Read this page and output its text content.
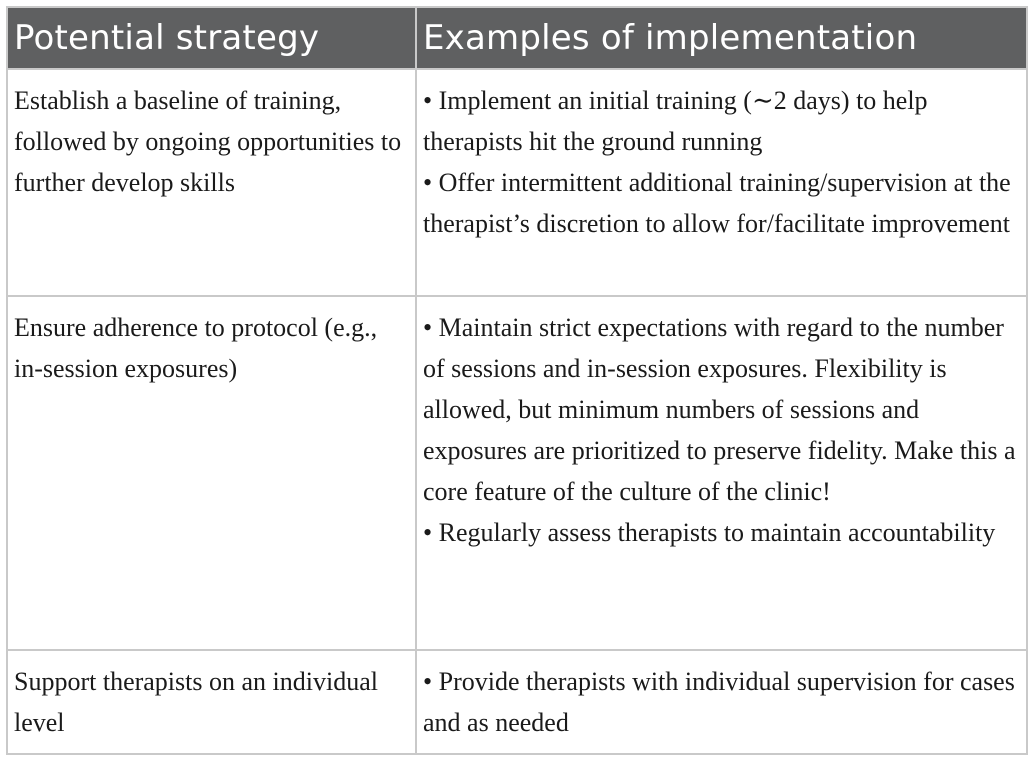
Potential strategy	Examples of implementation
Establish a baseline of training, followed by ongoing opportunities to further develop skills	• Implement an initial training (∼2 days) to help therapists hit the ground running
• Offer intermittent additional training/supervision at the therapist’s discretion to allow for/facilitate improvement

Ensure adherence to protocol (e.g., in-session exposures)	• Maintain strict expectations with regard to the number of sessions and in-session exposures. Flexibility is allowed, but minimum numbers of sessions and exposures are prioritized to preserve fidelity. Make this a core feature of the culture of the clinic!
• Regularly assess therapists to maintain accountability

Support therapists on an individual level	• Provide therapists with individual supervision for cases and as needed
